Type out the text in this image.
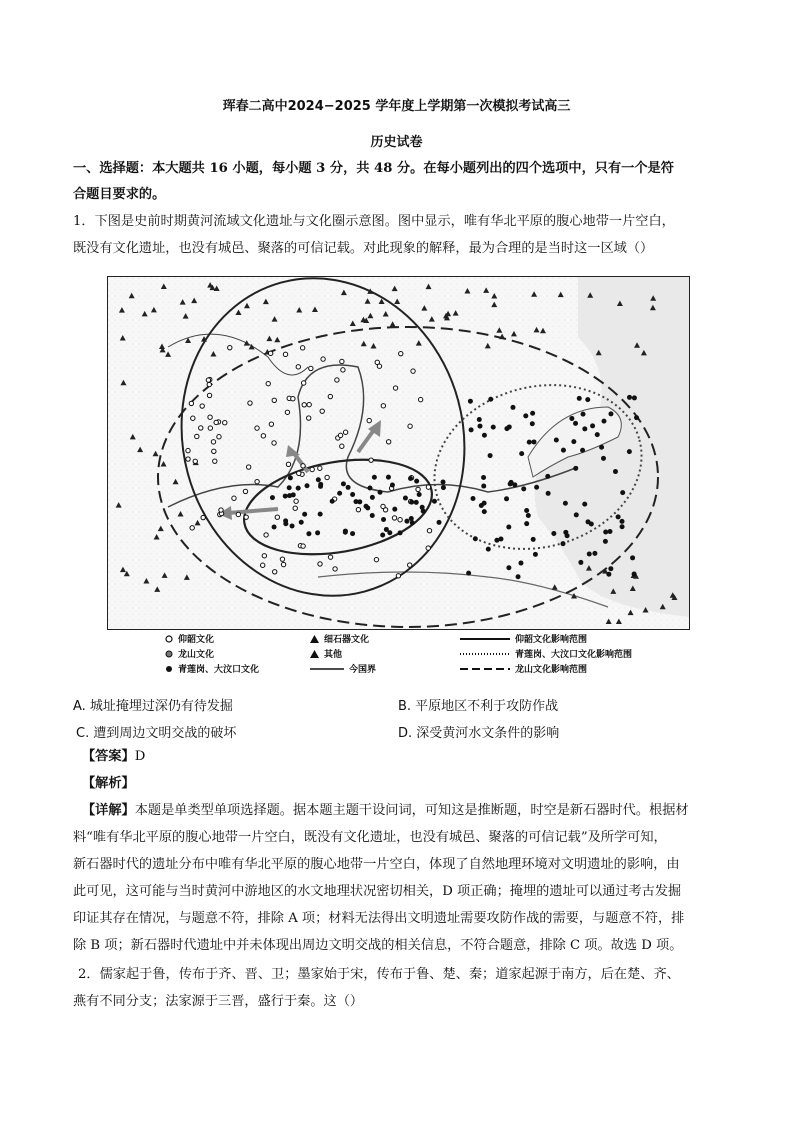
珲春二高中2024−2025 学年度上学期第一次模拟考试高三
历史试卷
一、选择题：本大题共 16 小题，每小题 3 分，共 48 分。在每小题列出的四个选项中，只有一个是符
合题目要求的。
1．下图是史前时期黄河流域文化遗址与文化圈示意图。图中显示，唯有华北平原的腹心地带一片空白，
既没有文化遗址，也没有城邑、聚落的可信记载。对此现象的解释，最为合理的是当时这一区域（）
仰韶文化
龙山文化
青莲岗、大汶口文化
细石器文化
其他
今国界
仰韶文化影响范围
青莲岗、大汶口文化影响范围
龙山文化影响范围
A. 城址掩埋过深仍有待发掘	B. 平原地区不利于攻防作战
C. 遭到周边文明交战的破坏	D. 深受黄河水文条件的影响
【答案】D
【解析】
【详解】本题是单类型单项选择题。据本题主题干设问词，可知这是推断题，时空是新石器时代。根据材
料“唯有华北平原的腹心地带一片空白，既没有文化遗址，也没有城邑、聚落的可信记载”及所学可知，
新石器时代的遗址分布中唯有华北平原的腹心地带一片空白，体现了自然地理环境对文明遗址的影响，由
此可见，这可能与当时黄河中游地区的水文地理状况密切相关，D 项正确；掩埋的遗址可以通过考古发掘
印证其存在情况，与题意不符，排除 A 项；材料无法得出文明遗址需要攻防作战的需要，与题意不符，排
除 B 项；新石器时代遗址中并未体现出周边文明交战的相关信息，不符合题意，排除 C 项。故选 D 项。
2．儒家起于鲁，传布于齐、晋、卫；墨家始于宋，传布于鲁、楚、秦；道家起源于南方，后在楚、齐、
燕有不同分支；法家源于三晋，盛行于秦。这（）
